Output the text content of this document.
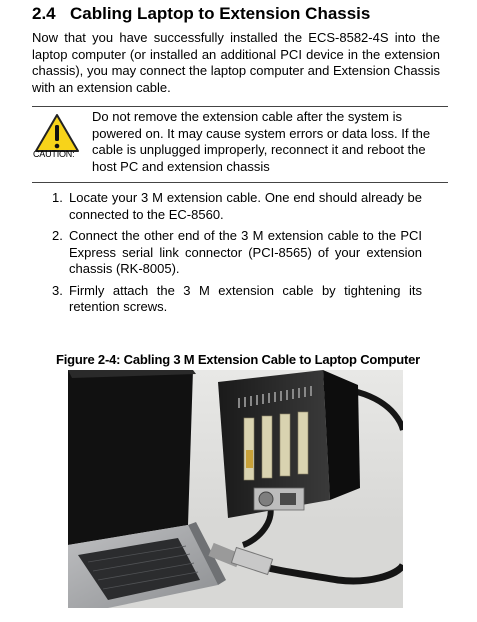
2.4 Cabling Laptop to Extension Chassis

Now that you have successfully installed the ECS-8582-4S into the laptop computer (or installed an additional PCI device in the extension chassis), you may connect the laptop computer and Extension Chassis with an extension cable.

CAUTION:

Do not remove the extension cable after the system is powered on. It may cause system errors or data loss. If the cable is unplugged improperly, reconnect it and reboot the host PC and extension chassis

1. Locate your 3 M extension cable. One end should already be connected to the EC-8560.
2. Connect the other end of the 3 M extension cable to the PCI Express serial link connector (PCI-8565) of your extension chassis (RK-8005).
3. Firmly attach the 3 M extension cable by tightening its retention screws.
Figure 2-4: Cabling 3 M Extension Cable to Laptop Computer
